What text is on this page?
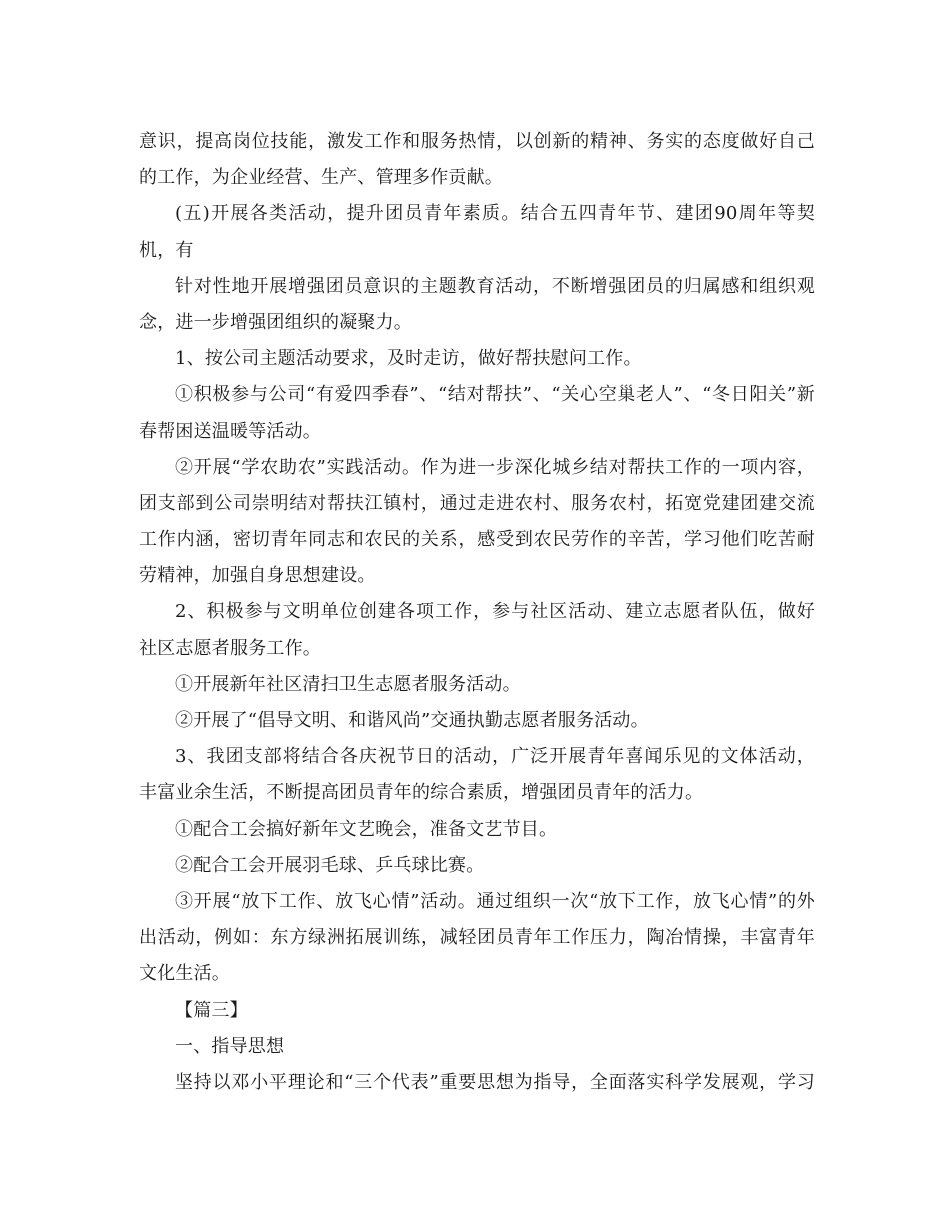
意识，提高岗位技能，激发工作和服务热情，以创新的精神、务实的态度做好自己
的工作，为企业经营、生产、管理多作贡献。
(五)开展各类活动，提升团员青年素质。结合五四青年节、建团90周年等契
机，有
针对性地开展增强团员意识的主题教育活动，不断增强团员的归属感和组织观
念，进一步增强团组织的凝聚力。
1、按公司主题活动要求，及时走访，做好帮扶慰问工作。
①积极参与公司“有爱四季春”、“结对帮扶”、“关心空巢老人”、“冬日阳关”新
春帮困送温暖等活动。
②开展“学农助农”实践活动。作为进一步深化城乡结对帮扶工作的一项内容，
团支部到公司崇明结对帮扶江镇村，通过走进农村、服务农村，拓宽党建团建交流
工作内涵，密切青年同志和农民的关系，感受到农民劳作的辛苦，学习他们吃苦耐
劳精神，加强自身思想建设。
2、积极参与文明单位创建各项工作，参与社区活动、建立志愿者队伍，做好
社区志愿者服务工作。
①开展新年社区清扫卫生志愿者服务活动。
②开展了“倡导文明、和谐风尚”交通执勤志愿者服务活动。
3、我团支部将结合各庆祝节日的活动，广泛开展青年喜闻乐见的文体活动，
丰富业余生活，不断提高团员青年的综合素质，增强团员青年的活力。
①配合工会搞好新年文艺晚会，准备文艺节目。
②配合工会开展羽毛球、乒乓球比赛。
③开展“放下工作、放飞心情”活动。通过组织一次“放下工作，放飞心情”的外
出活动，例如：东方绿洲拓展训练，减轻团员青年工作压力，陶冶情操，丰富青年
文化生活。
【篇三】
一、指导思想
坚持以邓小平理论和“三个代表”重要思想为指导，全面落实科学发展观，学习
